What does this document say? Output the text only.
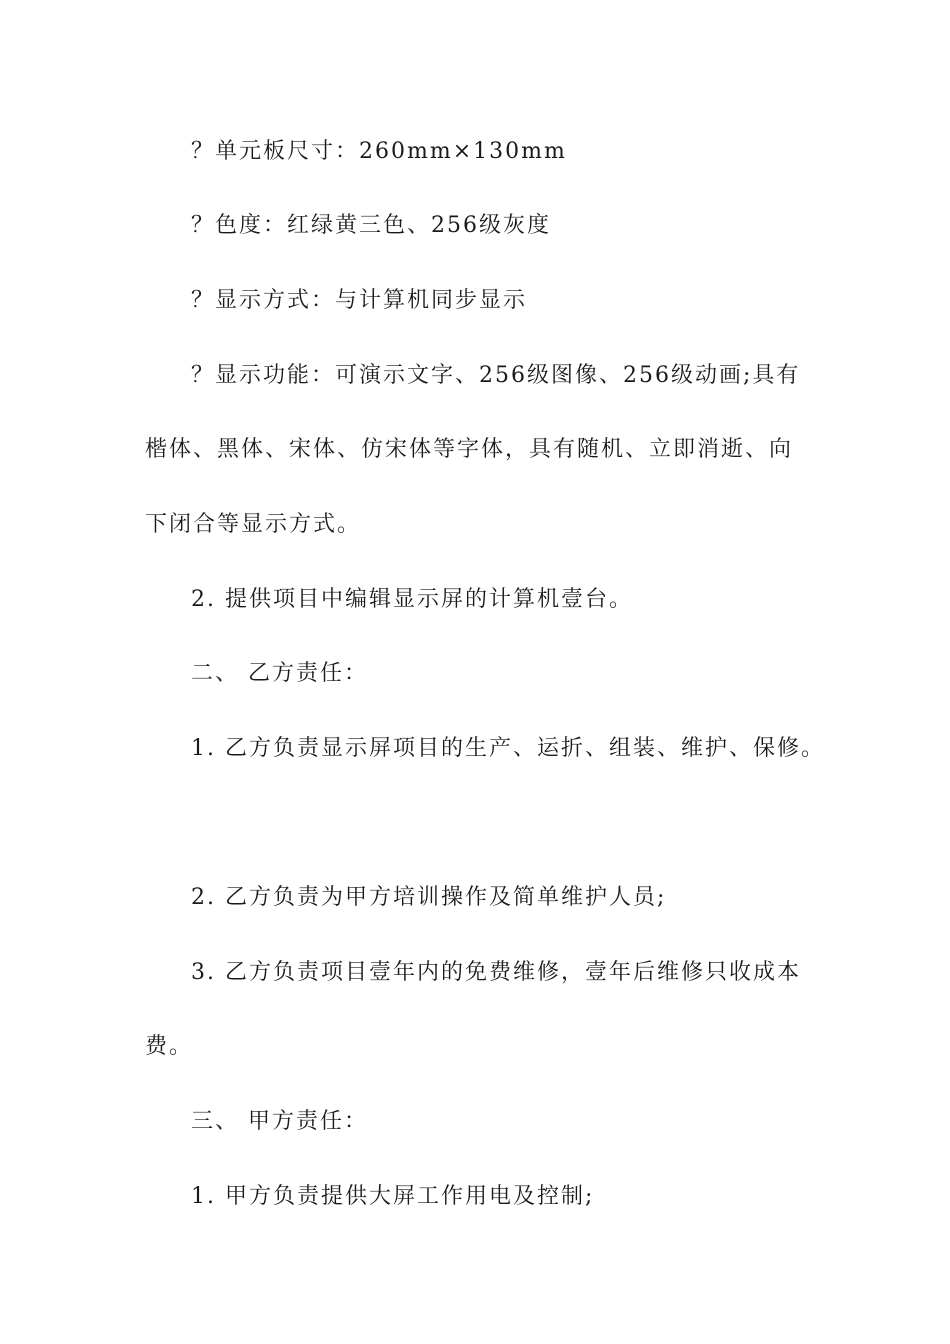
？单元板尺寸：260mm×130mm
？色度：红绿黄三色、256级灰度
？显示方式：与计算机同步显示
？显示功能：可演示文字、256级图像、256级动画;具有
楷体、黑体、宋体、仿宋体等字体，具有随机、立即消逝、向
下闭合等显示方式。
2. 提供项目中编辑显示屏的计算机壹台。
二、 乙方责任：
1. 乙方负责显示屏项目的生产、运折、组装、维护、保修。
2. 乙方负责为甲方培训操作及简单维护人员;
3. 乙方负责项目壹年内的免费维修，壹年后维修只收成本
费。
三、 甲方责任：
1. 甲方负责提供大屏工作用电及控制;
